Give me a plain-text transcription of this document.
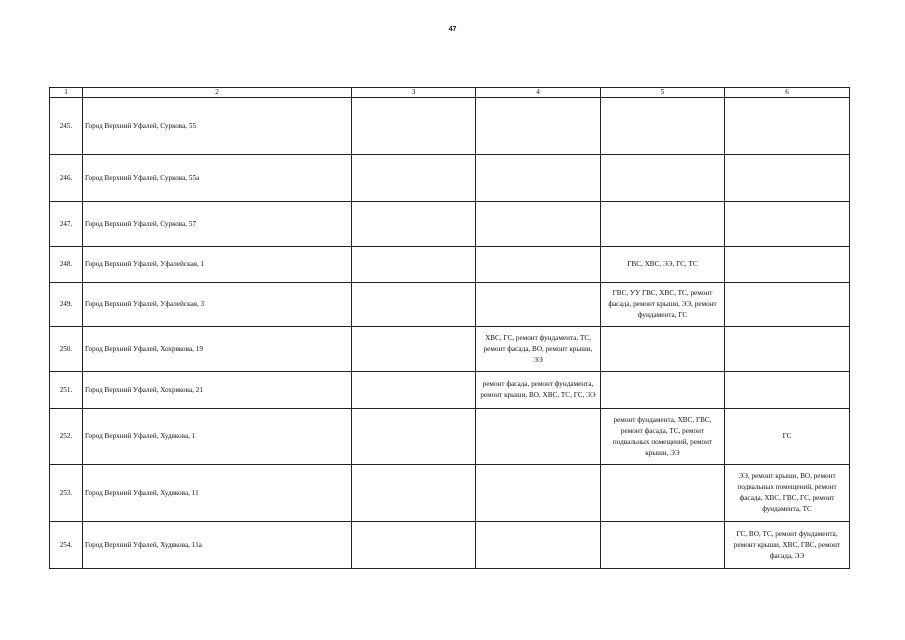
47
1	2	3	4	5	6
245.	Город Верхний Уфалей, Суркова, 55				
246.	Город Верхний Уфалей, Суркова, 55а				
247.	Город Верхний Уфалей, Суркова, 57				
248.	Город Верхний Уфалей, Уфалейская, 1			ГВС, ХВС, ЭЭ, ГС, ТС	
249.	Город Верхний Уфалей, Уфалейская, 3			ГВС, УУ ГВС, ХВС, ТС, ремонт фасада, ремонт крыши, ЭЭ, ремонт фундамента, ГС	
250.	Город Верхний Уфалей, Хохрякова, 19		ХВС, ГС, ремонт фундамента, ТС, ремонт фасада, ВО, ремонт крыши, ЭЭ		
251.	Город Верхний Уфалей, Хохрякова, 21		ремонт фасада, ремонт фундамента, ремонт крыши, ВО, ХВС, ТС, ГС, ЭЭ		
252.	Город Верхний Уфалей, Худякова, 1			ремонт фундамента, ХВС, ГВС, ремонт фасада, ТС, ремонт подвальных помещений, ремонт крыши, ЭЭ	ГС
253.	Город Верхний Уфалей, Худякова, 11				ЭЭ, ремонт крыши, ВО, ремонт подвальных помещений, ремонт фасада, ХВС, ГВС, ГС, ремонт фундамента, ТС
254.	Город Верхний Уфалей, Худякова, 11а				ГС, ВО, ТС, ремонт фундамента, ремонт крыши, ХВС, ГВС, ремонт фасада, ЭЭ
